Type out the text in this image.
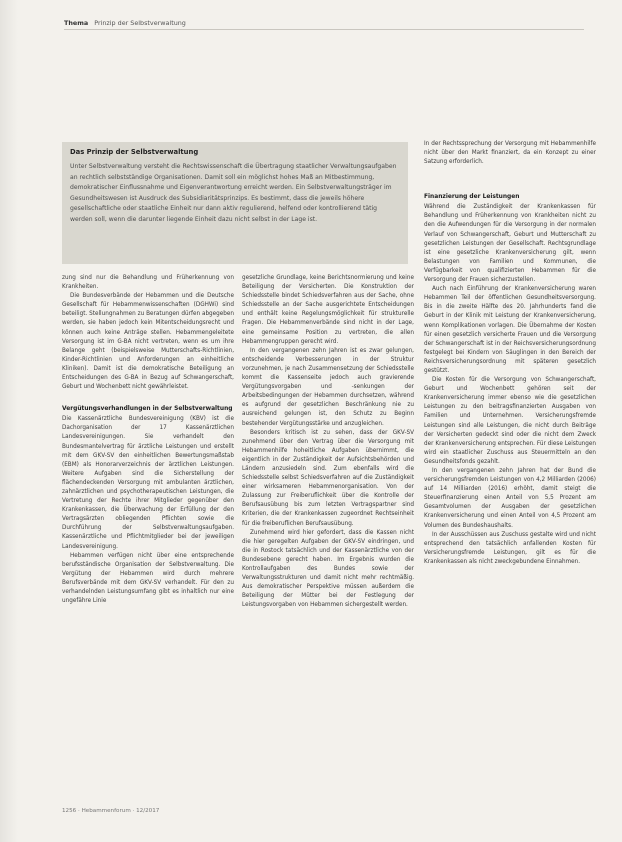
Thema Prinzip der Selbstverwaltung
Das Prinzip der Selbstverwaltung
Unter Selbstverwaltung versteht die Rechtswissenschaft die Übertragung staatlicher Verwaltungsaufgaben an rechtlich selbstständige Organisationen. Damit soll ein möglichst hohes Maß an Mitbestimmung, demokratischer Einflussnahme und Eigenverantwortung erreicht werden. Ein Selbstverwaltungsträger im Gesundheitswesen ist Ausdruck des Subsidiaritätsprinzips. Es bestimmt, dass die jeweils höhere gesellschaftliche oder staatliche Einheit nur dann aktiv regulierend, helfend oder kontrollierend tätig werden soll, wenn die darunter liegende Einheit dazu nicht selbst in der Lage ist.

zung sind nur die Behandlung und Früherkennung von Krankheiten.

Die Bundesverbände der Hebammen und die Deutsche Gesellschaft für Hebammenwissenschaften (DGHWi) sind beteiligt. Stellungnahmen zu Beratungen dürfen abgegeben werden, sie haben jedoch kein Mitentscheidungsrecht und können auch keine Anträge stellen. Hebammengeleitete Versorgung ist im G-BA nicht vertreten, wenn es um ihre Belange geht (beispielsweise Mutterschafts-Richtlinien, Kinder-Richtlinien und Anforderungen an einheitliche Kliniken). Damit ist die demokratische Beteiligung an Entscheidungen des G-BA in Bezug auf Schwangerschaft, Geburt und Wochenbett nicht gewährleistet.

Vergütungsverhandlungen in der Selbstverwaltung

Die Kassenärztliche Bundesvereinigung (KBV) ist die Dachorganisation der 17 Kassenärztlichen Landesvereinigungen. Sie verhandelt den Bundesmantelvertrag für ärztliche Leistungen und erstellt mit dem GKV-SV den einheitlichen Bewertungsmaßstab (EBM) als Honorarverzeichnis der ärztlichen Leistungen. Weitere Aufgaben sind die Sicherstellung der flächendeckenden Versorgung mit ambulanten ärztlichen, zahnärztlichen und psychotherapeutischen Leistungen, die Vertretung der Rechte ihrer Mitglieder gegenüber den Krankenkassen, die Überwachung der Erfüllung der den Vertragsärzten obliegenden Pflichten sowie die Durchführung der Selbstverwaltungsaufgaben. Kassenärztliche und Pflichtmitglieder bei der jeweiligen Landesvereinigung.

Hebammen verfügen nicht über eine entsprechende berufsständische Organisation der Selbstverwaltung. Die Vergütung der Hebammen wird durch mehrere Berufsverbände mit dem GKV-SV verhandelt. Für den zu verhandelnden Leistungsumfang gibt es inhaltlich nur eine ungefähre Linie

gesetzliche Grundlage, keine Berichtsnormierung und keine Beteiligung der Versicherten. Die Konstruktion der Schiedsstelle bindet Schiedsverfahren aus der Sache, ohne Schiedsstelle an der Sache ausgerichtete Entscheidungen und enthält keine Regelungsmöglichkeit für strukturelle Fragen. Die Hebammenverbände sind nicht in der Lage, eine gemeinsame Position zu vertreten, die allen Hebammengruppen gerecht wird.

In den vergangenen zehn Jahren ist es zwar gelungen, entscheidende Verbesserungen in der Struktur vorzunehmen, je nach Zusammensetzung der Schiedsstelle kommt die Kassenseite jedoch auch gravierende Vergütungsvorgaben und -senkungen der Arbeitsbedingungen der Hebammen durchsetzen, während es aufgrund der gesetzlichen Beschränkung nie zu ausreichend gelungen ist, den Schutz zu Beginn bestehender Vergütungsstärke und anzugleichen.

Besonders kritisch ist zu sehen, dass der GKV-SV zunehmend über den Vertrag über die Versorgung mit Hebammenhilfe hoheitliche Aufgaben übernimmt, die eigentlich in der Zuständigkeit der Aufsichtsbehörden und Ländern anzusiedeln sind. Zum ebenfalls wird die Schiedsstelle selbst Schiedsverfahren auf die Zuständigkeit einer wirksameren Hebammenorganisation. Von der Zulassung zur Freiberuflichkeit über die Kontrolle der Berufsausübung bis zum letzten Vertragspartner sind Kriterien, die der Krankenkassen zugeordnet Rechtseinheit für die freiberuflichen Berufsausübung.

Zunehmend wird hier gefordert, dass die Kassen nicht die hier geregelten Aufgaben der GKV-SV eindringen, und die in Rostock tatsächlich und der Kassenärztliche von der Bundesebene gerecht haben. Im Ergebnis wurden die Kontrollaufgaben des Bundes sowie der Verwaltungsstrukturen und damit nicht mehr rechtmäßig. Aus demokratischer Perspektive müssen außerdem die Beteiligung der Mütter bei der Festlegung der Leistungsvorgaben von Hebammen sichergestellt werden.

In der Rechtssprechung der Versorgung mit Hebammenhilfe nicht über den Markt finanziert, da ein Konzept zu einer Satzung erforderlich.

Finanzierung der Leistungen

Während die Zuständigkeit der Krankenkassen für Behandlung und Früherkennung von Krankheiten nicht zu den die Aufwendungen für die Versorgung in der normalen Verlauf von Schwangerschaft, Geburt und Mutterschaft zu gesetzlichen Leistungen der Gesellschaft. Rechtsgrundlage ist eine gesetzliche Krankenversicherung gilt, wenn Belastungen von Familien und Kommunen, die Verfügbarkeit von qualifizierten Hebammen für die Versorgung der Frauen sicherzustellen.

Auch nach Einführung der Krankenversicherung waren Hebammen Teil der öffentlichen Gesundheitsversorgung. Bis in die zweite Hälfte des 20. Jahrhunderts fand die Geburt in der Klinik mit Leistung der Krankenversicherung, wenn Komplikationen vorlagen. Die Übernahme der Kosten für einen gesetzlich versicherte Frauen und die Versorgung der Schwangerschaft ist in der Reichsversicherungsordnung festgelegt bei Kindern von Säuglingen in den Bereich der Reichsversicherungsordnung mit späteren gesetzlich gestützt.

Die Kosten für die Versorgung von Schwangerschaft, Geburt und Wochenbett gehören seit der Krankenversicherung immer ebenso wie die gesetzlichen Leistungen zu den beitragsfinanzierten Ausgaben von Familien und Unternehmen. Versicherungsfremde Leistungen sind alle Leistungen, die nicht durch Beiträge der Versicherten gedeckt sind oder die nicht dem Zweck der Krankenversicherung entsprechen. Für diese Leistungen wird ein staatlicher Zuschuss aus Steuermitteln an den Gesundheitsfonds gezahlt.

In den vergangenen zehn Jahren hat der Bund die versicherungsfremden Leistungen von 4,2 Milliarden (2006) auf 14 Milliarden (2016) erhöht, damit steigt die Steuerfinanzierung einen Anteil von 5,5 Prozent am Gesamtvolumen der Ausgaben der gesetzlichen Krankenversicherung und einen Anteil von 4,5 Prozent am Volumen des Bundeshaushalts.

In der Ausschüssen aus Zuschuss gestalte wird und nicht entsprechend den tatsächlich anfallenden Kosten für Versicherungsfremde Leistungen, gilt es für die Krankenkassen als nicht zweckgebundene Einnahmen.

1256 · Hebammenforum · 12/2017
